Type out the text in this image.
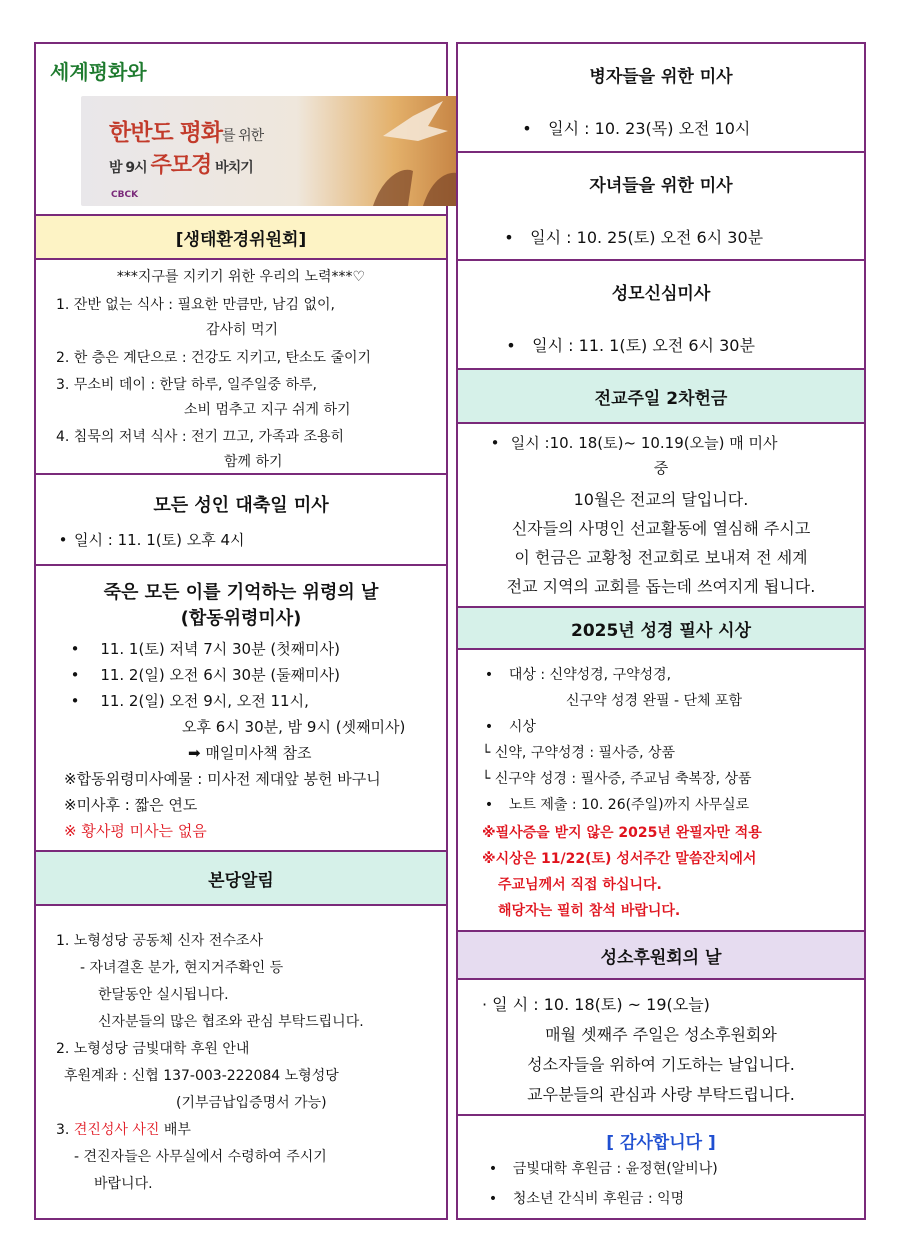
세계평화와
한반도 평화를 위한
밤 9시 주모경 바치기
CBCK
[생태환경위원회]
***지구를 지키기 위한 우리의 노력***♡
1. 잔반 없는 식사 : 필요한 만큼만, 남김 없이,
감사히 먹기
2. 한 층은 계단으로 : 건강도 지키고, 탄소도 줄이기
3. 무소비 데이 : 한달 하루, 일주일중 하루,
소비 멈추고 지구 쉬게 하기
4. 침묵의 저녁 식사 : 전기 끄고, 가족과 조용히
함께 하기
모든 성인 대축일 미사
• 일시 : 11. 1(토) 오후 4시
죽은 모든 이를 기억하는 위령의 날
(합동위령미사)
• 11. 1(토) 저녁 7시 30분 (첫째미사)
• 11. 2(일) 오전 6시 30분 (둘째미사)
• 11. 2(일) 오전 9시, 오전 11시,
오후 6시 30분, 밤 9시 (셋째미사)
➡ 매일미사책 참조
※합동위령미사예물 : 미사전 제대앞 봉헌 바구니
※미사후 : 짧은 연도
※ 황사평 미사는 없음
본당알림
1. 노형성당 공동체 신자 전수조사
- 자녀결혼 분가, 현지거주확인 등
한달동안 실시됩니다.
신자분들의 많은 협조와 관심 부탁드립니다.
2. 노형성당 금빛대학 후원 안내
후원계좌 : 신협 137-003-222084 노형성당
(기부금납입증명서 가능)
3. 견진성사 사진 배부
- 견진자들은 사무실에서 수령하여 주시기
바랍니다.
병자들을 위한 미사
• 일시 : 10. 23(목) 오전 10시
자녀들을 위한 미사
• 일시 : 10. 25(토) 오전 6시 30분
성모신심미사
• 일시 : 11. 1(토) 오전 6시 30분
전교주일 2차헌금
• 일시 :10. 18(토)~ 10.19(오늘) 매 미사
중
10월은 전교의 달입니다.
신자들의 사명인 선교활동에 열심해 주시고
이 헌금은 교황청 전교회로 보내져 전 세계
전교 지역의 교회를 돕는데 쓰여지게 됩니다.
2025년 성경 필사 시상
• 대상 : 신약성경, 구약성경,
신구약 성경 완필 - 단체 포함
• 시상
└ 신약, 구약성경 : 필사증, 상품
└ 신구약 성경 : 필사증, 주교님 축복장, 상품
• 노트 제출 : 10. 26(주일)까지 사무실로
※필사증을 받지 않은 2025년 완필자만 적용
※시상은 11/22(토) 성서주간 말씀잔치에서
주교님께서 직접 하십니다.
해당자는 필히 참석 바랍니다.
성소후원회의 날
· 일 시 : 10. 18(토) ~ 19(오늘)
매월 셋째주 주일은 성소후원회와
성소자들을 위하여 기도하는 날입니다.
교우분들의 관심과 사랑 부탁드립니다.
[ 감사합니다 ]
• 금빛대학 후원금 : 윤정현(알비나)
• 청소년 간식비 후원금 : 익명
